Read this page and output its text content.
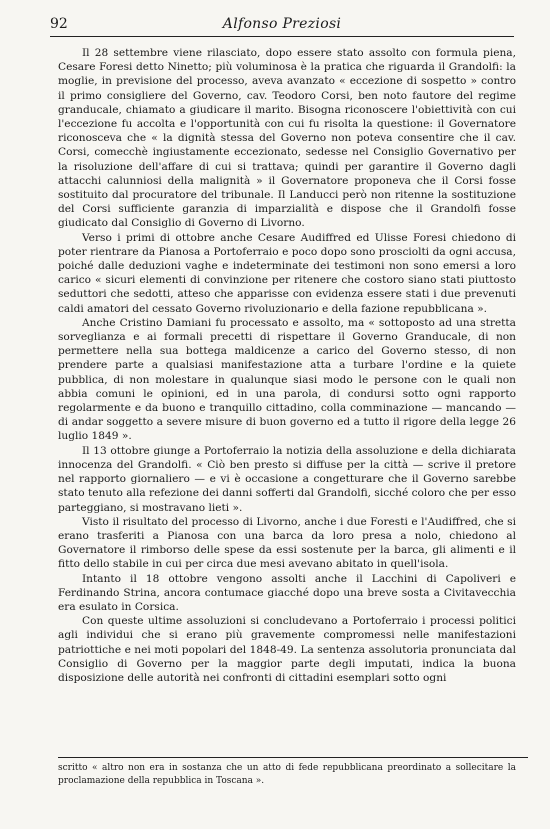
92	Alfonso Preziosi

Il 28 settembre viene rilasciato, dopo essere stato assolto con formula piena, Cesare Foresi detto Ninetto; più voluminosa è la pratica che riguarda il Grandolfi: la moglie, in previsione del processo, aveva avanzato « eccezione di sospetto » contro il primo consigliere del Governo, cav. Teodoro Corsi, ben noto fautore del regime granducale, chiamato a giudicare il marito. Bisogna riconoscere l'obiettività con cui l'eccezione fu accolta e l'opportunità con cui fu risolta la questione: il Governatore riconosceva che « la dignità stessa del Governo non poteva consentire che il cav. Corsi, comecchè ingiustamente eccezionato, sedesse nel Consiglio Governativo per la risoluzione dell'affare di cui si trattava; quindi per garantire il Governo dagli attacchi calunniosi della malignità » il Governatore proponeva che il Corsi fosse sostituito dal procuratore del tribunale. Il Landucci però non ritenne la sostituzione del Corsi sufficiente garanzia di imparzialità e dispose che il Grandolfi fosse giudicato dal Consiglio di Governo di Livorno.

Verso i primi di ottobre anche Cesare Audiffred ed Ulisse Foresi chiedono di poter rientrare da Pianosa a Portoferraio e poco dopo sono prosciolti da ogni accusa, poiché dalle deduzioni vaghe e indeterminate dei testimoni non sono emersi a loro carico « sicuri elementi di convinzione per ritenere che costoro siano stati piuttosto seduttori che sedotti, atteso che apparisse con evidenza essere stati i due prevenuti caldi amatori del cessato Governo rivoluzionario e della fazione repubblicana ».

Anche Cristino Damiani fu processato e assolto, ma « sottoposto ad una stretta sorveglianza e ai formali precetti di rispettare il Governo Granducale, di non permettere nella sua bottega maldicenze a carico del Governo stesso, di non prendere parte a qualsiasi manifestazione atta a turbare l'ordine e la quiete pubblica, di non molestare in qualunque siasi modo le persone con le quali non abbia comuni le opinioni, ed in una parola, di condursi sotto ogni rapporto regolarmente e da buono e tranquillo cittadino, colla comminazione — mancando — di andar soggetto a severe misure di buon governo ed a tutto il rigore della legge 26 luglio 1849 ».

Il 13 ottobre giunge a Portoferraio la notizia della assoluzione e della dichiarata innocenza del Grandolfi. « Ciò ben presto si diffuse per la città — scrive il pretore nel rapporto giornaliero — e vi è occasione a congetturare che il Governo sarebbe stato tenuto alla refezione dei danni sofferti dal Grandolfi, sicché coloro che per esso parteggiano, si mostravano lieti ».

Visto il risultato del processo di Livorno, anche i due Foresti e l'Audiffred, che si erano trasferiti a Pianosa con una barca da loro presa a nolo, chiedono al Governatore il rimborso delle spese da essi sostenute per la barca, gli alimenti e il fitto dello stabile in cui per circa due mesi avevano abitato in quell'isola.

Intanto il 18 ottobre vengono assolti anche il Lacchini di Capoliveri e Ferdinando Strina, ancora contumace giacché dopo una breve sosta a Civitavecchia era esulato in Corsica.

Con queste ultime assoluzioni si concludevano a Portoferraio i processi politici agli individui che si erano più gravemente compromessi nelle manifestazioni patriottiche e nei moti popolari del 1848-49. La sentenza assolutoria pronunciata dal Consiglio di Governo per la maggior parte degli imputati, indica la buona disposizione delle autorità nei confronti di cittadini esemplari sotto ogni

scritto « altro non era in sostanza che un atto di fede repubblicana preordinato a sollecitare la proclamazione della repubblica in Toscana ».
